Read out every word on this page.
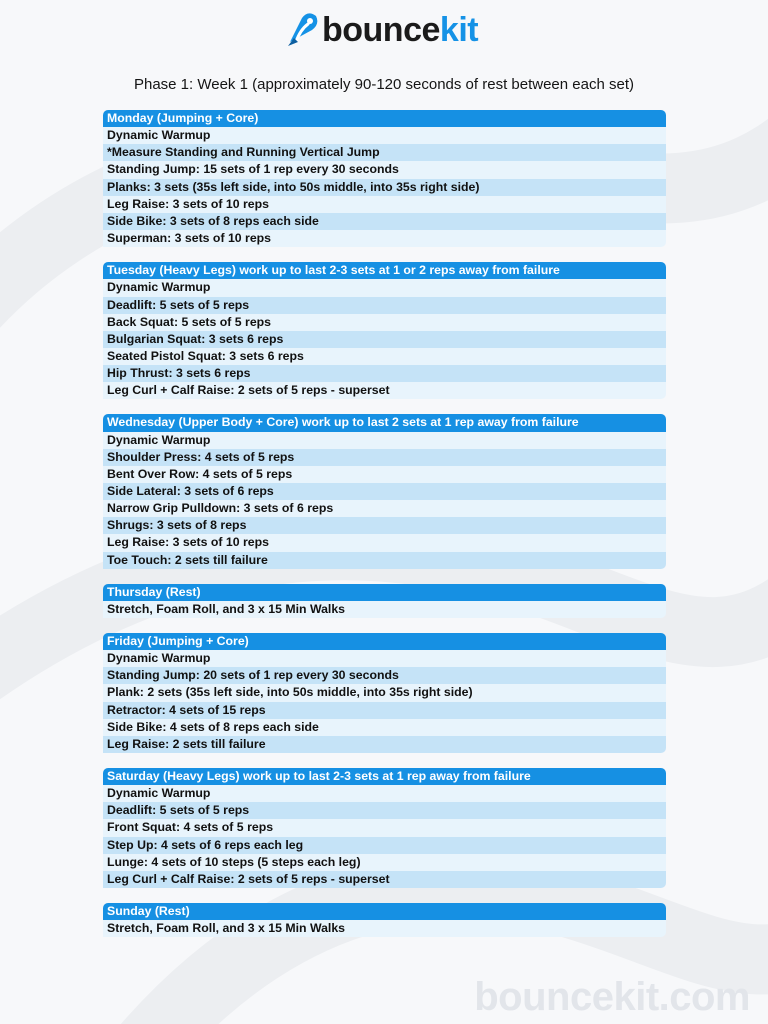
bouncekit
Phase 1: Week 1 (approximately 90-120 seconds of rest between each set)
Monday (Jumping + Core)
Dynamic Warmup
*Measure Standing and Running Vertical Jump
Standing Jump: 15 sets of 1 rep every 30 seconds
Planks: 3 sets (35s left side, into 50s middle, into 35s right side)
Leg Raise: 3 sets of 10 reps
Side Bike: 3 sets of 8 reps each side
Superman: 3 sets of 10 reps
Tuesday (Heavy Legs) work up to last 2-3 sets at 1 or 2 reps away from failure
Dynamic Warmup
Deadlift: 5 sets of 5 reps
Back Squat: 5 sets of 5 reps
Bulgarian Squat: 3 sets 6 reps
Seated Pistol Squat: 3 sets 6 reps
Hip Thrust: 3 sets 6 reps
Leg Curl + Calf Raise: 2 sets of 5 reps - superset
Wednesday (Upper Body + Core) work up to last 2 sets at 1 rep away from failure
Dynamic Warmup
Shoulder Press: 4 sets of 5 reps
Bent Over Row: 4 sets of 5 reps
Side Lateral: 3 sets of 6 reps
Narrow Grip Pulldown: 3 sets of 6 reps
Shrugs: 3 sets of 8 reps
Leg Raise: 3 sets of 10 reps
Toe Touch: 2 sets till failure
Thursday (Rest)
Stretch, Foam Roll, and 3 x 15 Min Walks
Friday (Jumping + Core)
Dynamic Warmup
Standing Jump: 20 sets of 1 rep every 30 seconds
Plank: 2 sets (35s left side, into 50s middle, into 35s right side)
Retractor: 4 sets of 15 reps
Side Bike: 4 sets of 8 reps each side
Leg Raise: 2 sets till failure
Saturday (Heavy Legs) work up to last 2-3 sets at 1 rep away from failure
Dynamic Warmup
Deadlift: 5 sets of 5 reps
Front Squat: 4 sets of 5 reps
Step Up: 4 sets of 6 reps each leg
Lunge: 4 sets of 10 steps (5 steps each leg)
Leg Curl + Calf Raise: 2 sets of 5 reps - superset
Sunday (Rest)
Stretch, Foam Roll, and 3 x 15 Min Walks
bouncekit.com
